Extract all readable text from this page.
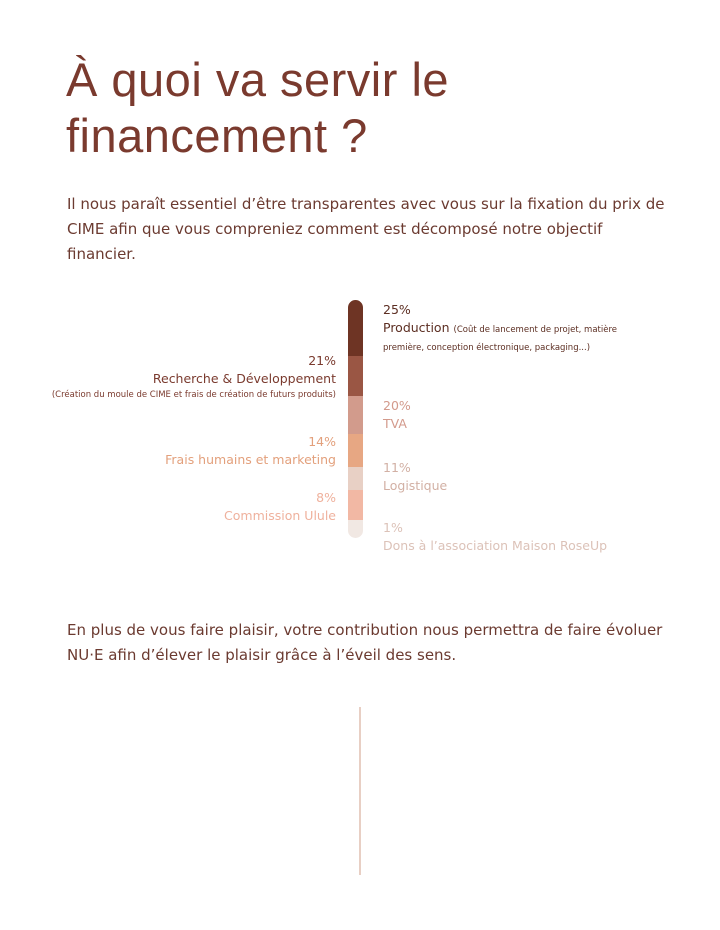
À quoi va servir le financement ?

Il nous paraît essentiel d’être transparentes avec vous sur la fixation du prix de CIME afin que vous compreniez comment est décomposé notre objectif financier.

25%
Production (Coût de lancement de projet, matière première, conception électronique, packaging...)
20%
TVA
11%
Logistique
1%
Dons à l’association Maison RoseUp
21%
Recherche & Développement
(Création du moule de CIME et frais de création de futurs produits)
14%
Frais humains et marketing
8%
Commission Ulule

En plus de vous faire plaisir, votre contribution nous permettra de faire évoluer NU·E afin d’élever le plaisir grâce à l’éveil des sens.
